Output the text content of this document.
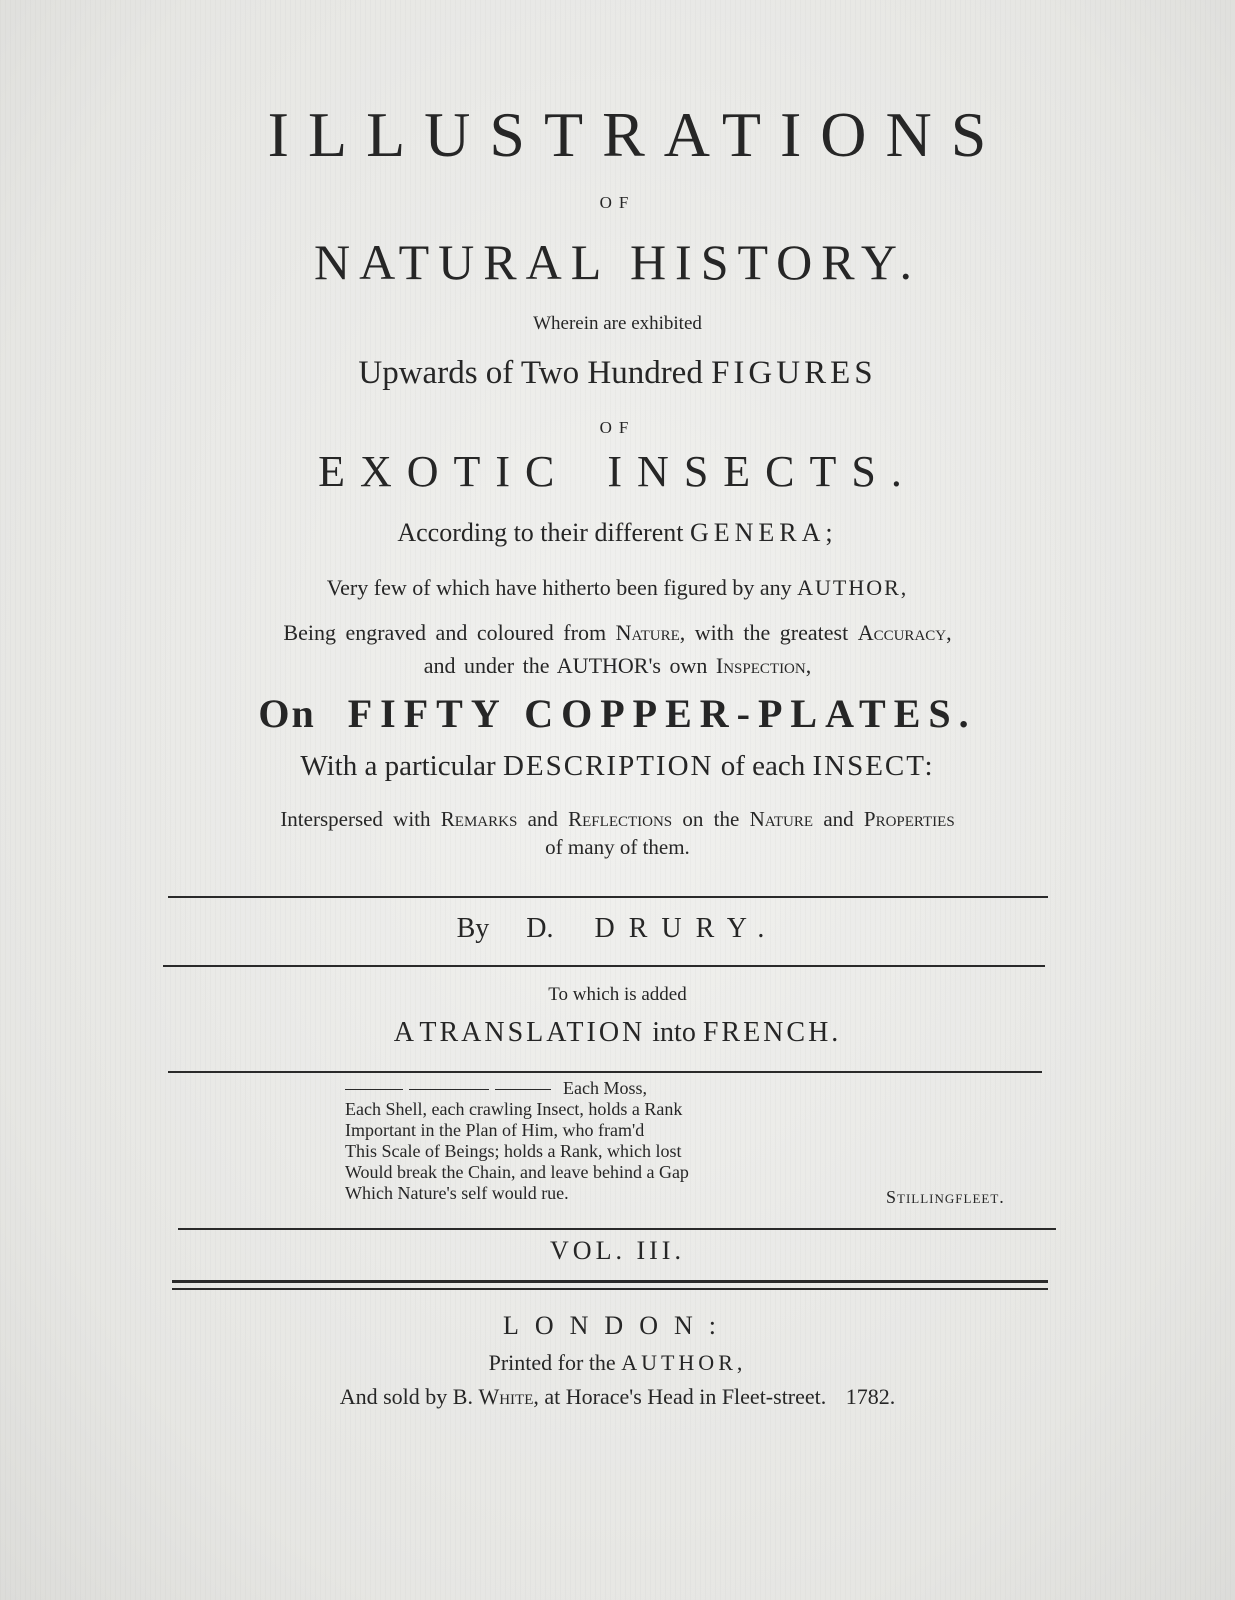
ILLUSTRATIONS
OF
NATURAL HISTORY.
Wherein are exhibited
Upwards of Two Hundred FIGURES
OF
EXOTIC INSECTS.
According to their different GENERA;
Very few of which have hitherto been figured by any AUTHOR,
Being engraved and coloured from Nature, with the greatest Accuracy,
and under the AUTHOR's own Inspection,
On FIFTY COPPER-PLATES.
With a particular DESCRIPTION of each INSECT:
Interspersed with Remarks and Reflections on the Nature and Properties
of many of them.
By D. DRURY.
To which is added
A TRANSLATION into FRENCH.
Each Moss,
Each Shell, each crawling Insect, holds a Rank
Important in the Plan of Him, who fram'd
This Scale of Beings; holds a Rank, which lost
Would break the Chain, and leave behind a Gap
Which Nature's self would rue.	Stillingfleet.
VOL. III.
LONDON:
Printed for the AUTHOR,
And sold by B. White, at Horace's Head in Fleet-street. 1782.
